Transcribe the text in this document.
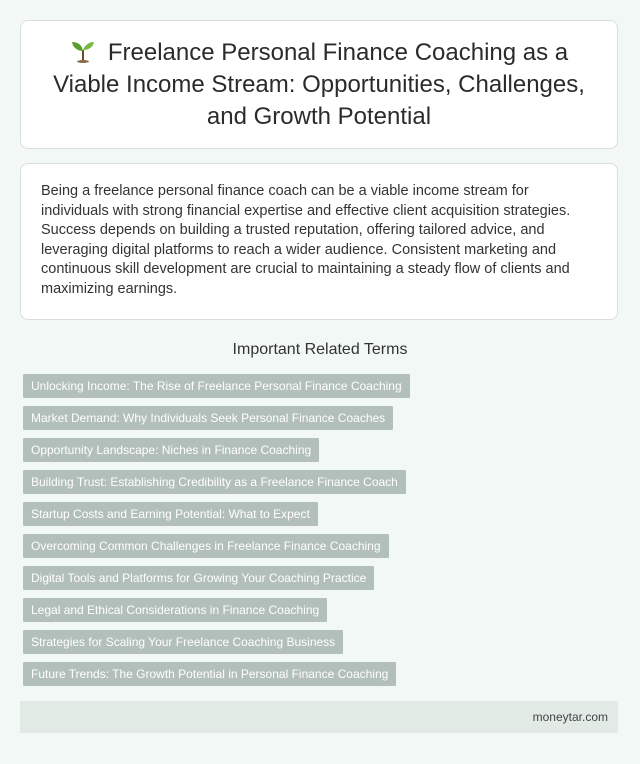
Freelance Personal Finance Coaching as a Viable Income Stream: Opportunities, Challenges, and Growth Potential

Being a freelance personal finance coach can be a viable income stream for individuals with strong financial expertise and effective client acquisition strategies. Success depends on building a trusted reputation, offering tailored advice, and leveraging digital platforms to reach a wider audience. Consistent marketing and continuous skill development are crucial to maintaining a steady flow of clients and maximizing earnings.

Important Related Terms
Unlocking Income: The Rise of Freelance Personal Finance Coaching
Market Demand: Why Individuals Seek Personal Finance Coaches
Opportunity Landscape: Niches in Finance Coaching
Building Trust: Establishing Credibility as a Freelance Finance Coach
Startup Costs and Earning Potential: What to Expect
Overcoming Common Challenges in Freelance Finance Coaching
Digital Tools and Platforms for Growing Your Coaching Practice
Legal and Ethical Considerations in Finance Coaching
Strategies for Scaling Your Freelance Coaching Business
Future Trends: The Growth Potential in Personal Finance Coaching
moneytar.com
